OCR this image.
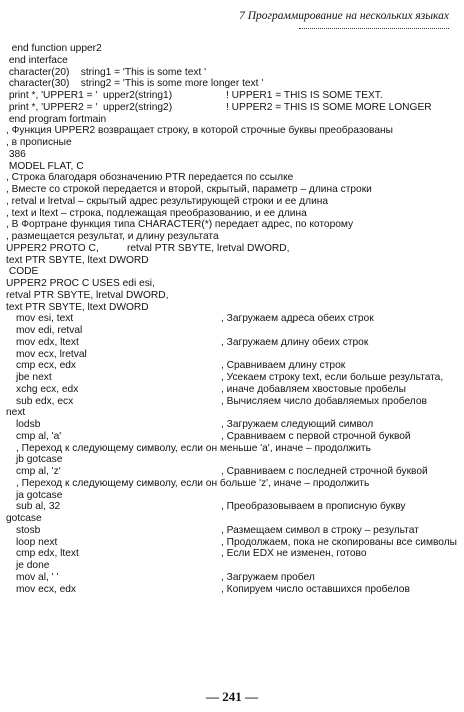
7 Программирование на нескольких языках
end function upper2
end interface
character(20)    string1 = 'This is some text '
character(30)    string2 = 'This is some more longer text '
print *, 'UPPER1 = '  upper2(string1)	! UPPER1 = THIS IS SOME TEXT.
print *, 'UPPER2 = '  upper2(string2)	! UPPER2 = THIS IS SOME MORE LONGER
end program fortmain
, Функция UPPER2 возвращает строку, в которой строчные буквы преобразованы
, в прописные
386
MODEL FLAT, C
, Строка благодаря обозначению PTR передается по ссылке
, Вместе со строкой передается и второй, скрытый, параметр – длина строки
, retval и lretval – скрытый адрес результирующей строки и ее длина
, text и ltext – строка, подлежащая преобразованию, и ее длина
, В Фортране функция типа CHARACTER(*) передает адрес, по которому
, размещается результат, и длину результата
UPPER2 PROTO C,          retval PTR SBYTE, lretval DWORD,
text PTR SBYTE, ltext DWORD
CODE
UPPER2 PROC C USES edi esi,
retval PTR SBYTE, lretval DWORD,
text PTR SBYTE, ltext DWORD
mov esi, text	, Загружаем адреса обеих строк
mov edi, retval
mov edx, ltext	, Загружаем длину обеих строк
mov ecx, lretval
cmp ecx, edx	, Сравниваем длину строк
jbe next	, Усекаем строку text, если больше результата,
xchg ecx, edx	, иначе добавляем хвостовые пробелы
sub edx, ecx	, Вычисляем число добавляемых пробелов
next
lodsb	, Загружаем следующий символ
cmp al, 'a'	, Сравниваем с первой строчной буквой
, Переход к следующему символу, если он меньше 'a', иначе – продолжить
jb gotcase
cmp al, 'z'	, Сравниваем с последней строчной буквой
, Переход к следующему символу, если он больше 'z', иначе – продолжить
ja gotcase
sub al, 32	, Преобразовываем в прописную букву
gotcase
stosb	, Размещаем символ в строку – результат
loop next	, Продолжаем, пока не скопированы все символы
cmp edx, ltext	, Если EDX не изменен, готово
je done
mov al, ' '	, Загружаем пробел
mov ecx, edx	, Копируем число оставшихся пробелов
— 241 —
